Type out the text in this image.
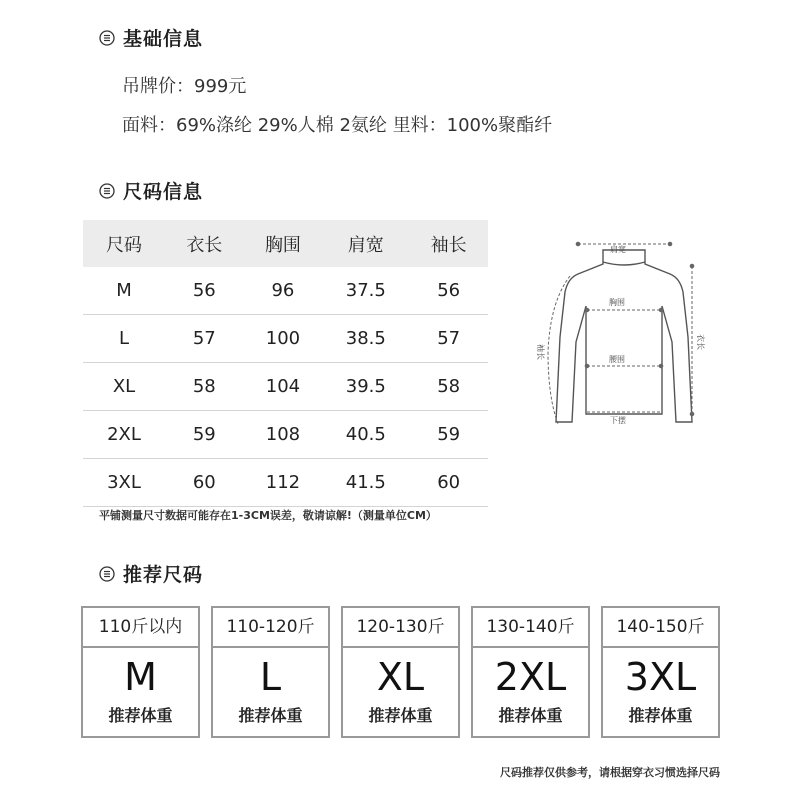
基础信息
吊牌价：999元
面料：69%涤纶 29%人棉 2氨纶 里料：100%聚酯纤
尺码信息
尺码	衣长	胸围	肩宽	袖长
M	56	96	37.5	56
L	57	100	38.5	57
XL	58	104	39.5	58
2XL	59	108	40.5	59
3XL	60	112	41.5	60
肩宽
胸围
腰围
下摆
袖长
衣长
平铺测量尺寸数据可能存在1-3CM误差，敬请谅解!（测量单位CM）
推荐尺码
110斤以内
M
推荐体重
110-120斤
L
推荐体重
120-130斤
XL
推荐体重
130-140斤
2XL
推荐体重
140-150斤
3XL
推荐体重
尺码推荐仅供参考，请根据穿衣习惯选择尺码
